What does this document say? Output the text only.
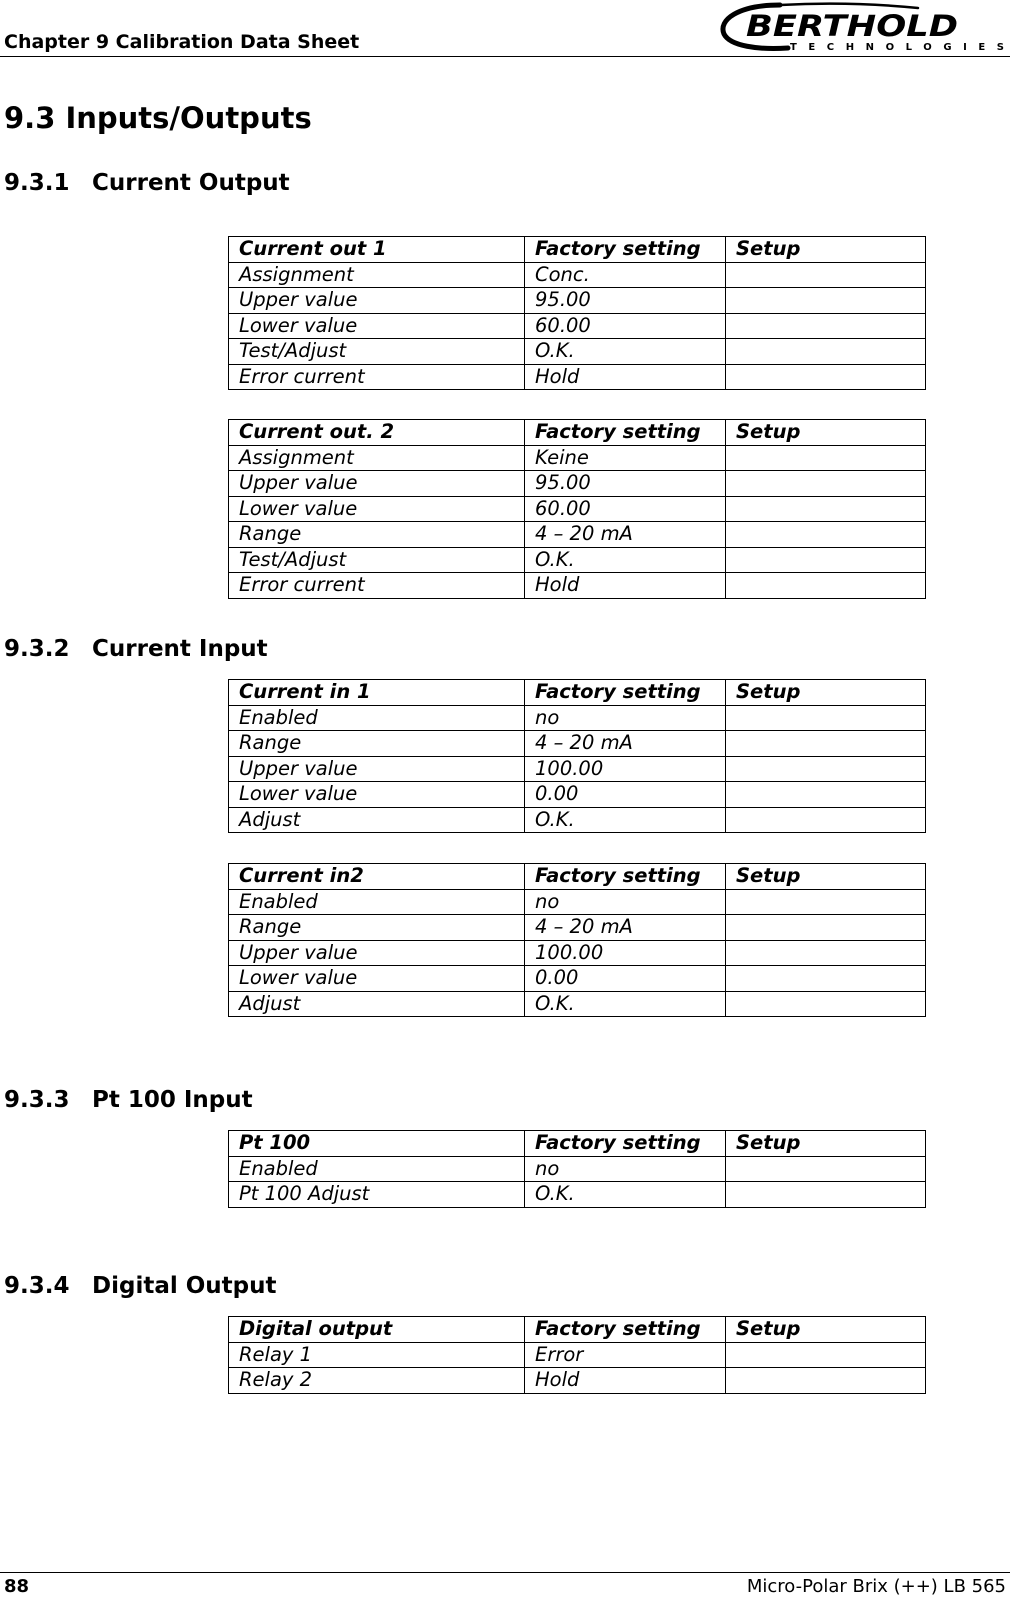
Chapter 9 Calibration Data Sheet	BERTHOLD
TECHNOLOGIES
9.3 Inputs/Outputs
9.3.1 Current Output
Current out 1	Factory setting	Setup
Assignment	Conc.	
Upper value	95.00	
Lower value	60.00	
Test/Adjust	O.K.	
Error current	Hold	
Current out. 2	Factory setting	Setup
Assignment	Keine	
Upper value	95.00	
Lower value	60.00	
Range	4 – 20 mA	
Test/Adjust	O.K.	
Error current	Hold	
9.3.2 Current Input
Current in 1	Factory setting	Setup
Enabled	no	
Range	4 – 20 mA	
Upper value	100.00	
Lower value	0.00	
Adjust	O.K.	
Current in2	Factory setting	Setup
Enabled	no	
Range	4 – 20 mA	
Upper value	100.00	
Lower value	0.00	
Adjust	O.K.	
9.3.3 Pt 100 Input
Pt 100	Factory setting	Setup
Enabled	no	
Pt 100 Adjust	O.K.	
9.3.4 Digital Output
Digital output	Factory setting	Setup
Relay 1	Error	
Relay 2	Hold	
88	Micro-Polar Brix (++) LB 565
